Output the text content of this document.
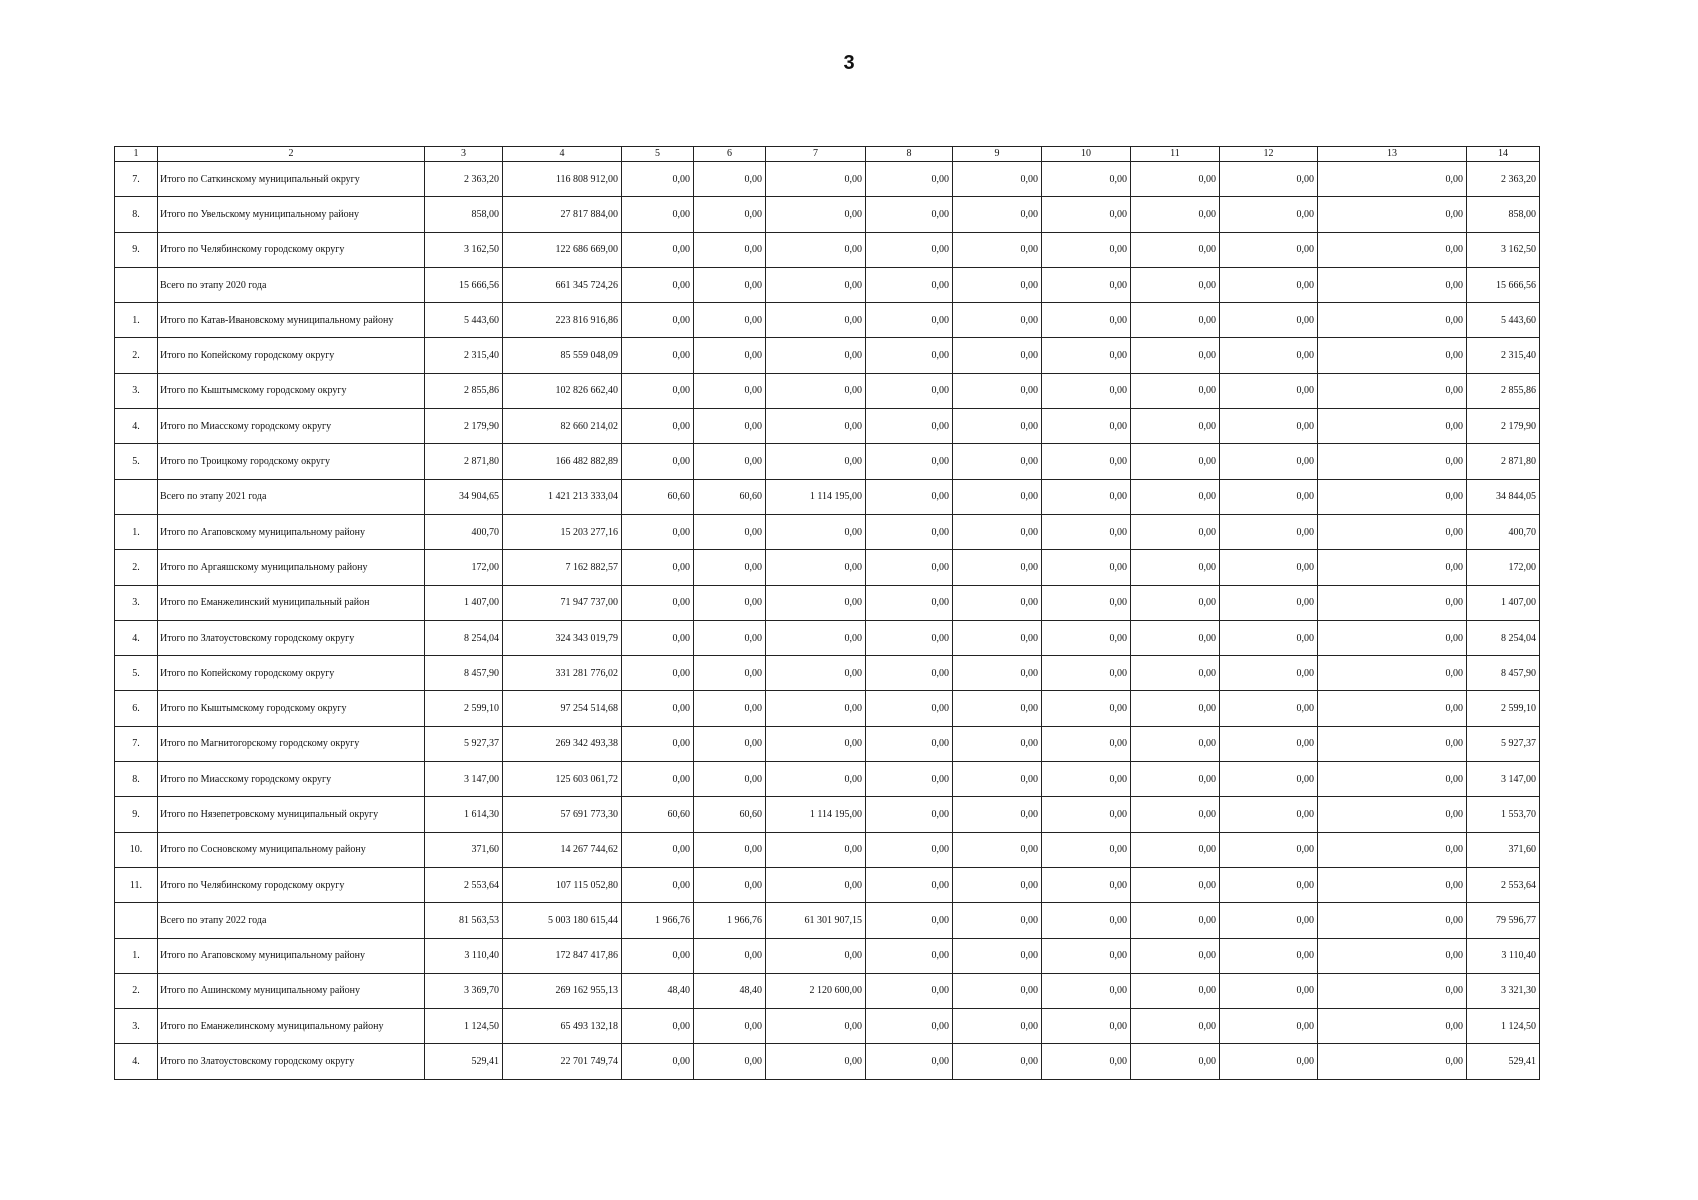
3
1	2	3	4	5	6	7	8	9	10	11	12	13	14
7.	Итого по Саткинскому муниципальный округу	2 363,20	116 808 912,00	0,00	0,00	0,00	0,00	0,00	0,00	0,00	0,00	0,00	2 363,20
8.	Итого по Увельскому муниципальному району	858,00	27 817 884,00	0,00	0,00	0,00	0,00	0,00	0,00	0,00	0,00	0,00	858,00
9.	Итого по Челябинскому городскому округу	3 162,50	122 686 669,00	0,00	0,00	0,00	0,00	0,00	0,00	0,00	0,00	0,00	3 162,50
	Всего по этапу 2020 года	15 666,56	661 345 724,26	0,00	0,00	0,00	0,00	0,00	0,00	0,00	0,00	0,00	15 666,56
1.	Итого по Катав-Ивановскому муниципальному району	5 443,60	223 816 916,86	0,00	0,00	0,00	0,00	0,00	0,00	0,00	0,00	0,00	5 443,60
2.	Итого по Копейскому городскому округу	2 315,40	85 559 048,09	0,00	0,00	0,00	0,00	0,00	0,00	0,00	0,00	0,00	2 315,40
3.	Итого по Кыштымскому городскому округу	2 855,86	102 826 662,40	0,00	0,00	0,00	0,00	0,00	0,00	0,00	0,00	0,00	2 855,86
4.	Итого по Миасскому городскому округу	2 179,90	82 660 214,02	0,00	0,00	0,00	0,00	0,00	0,00	0,00	0,00	0,00	2 179,90
5.	Итого по Троицкому городскому округу	2 871,80	166 482 882,89	0,00	0,00	0,00	0,00	0,00	0,00	0,00	0,00	0,00	2 871,80
	Всего по этапу 2021 года	34 904,65	1 421 213 333,04	60,60	60,60	1 114 195,00	0,00	0,00	0,00	0,00	0,00	0,00	34 844,05
1.	Итого по Агаповскому муниципальному району	400,70	15 203 277,16	0,00	0,00	0,00	0,00	0,00	0,00	0,00	0,00	0,00	400,70
2.	Итого по Аргаяшскому муниципальному району	172,00	7 162 882,57	0,00	0,00	0,00	0,00	0,00	0,00	0,00	0,00	0,00	172,00
3.	Итого по Еманжелинский муниципальный район	1 407,00	71 947 737,00	0,00	0,00	0,00	0,00	0,00	0,00	0,00	0,00	0,00	1 407,00
4.	Итого по Златоустовскому городскому округу	8 254,04	324 343 019,79	0,00	0,00	0,00	0,00	0,00	0,00	0,00	0,00	0,00	8 254,04
5.	Итого по Копейскому городскому округу	8 457,90	331 281 776,02	0,00	0,00	0,00	0,00	0,00	0,00	0,00	0,00	0,00	8 457,90
6.	Итого по Кыштымскому городскому округу	2 599,10	97 254 514,68	0,00	0,00	0,00	0,00	0,00	0,00	0,00	0,00	0,00	2 599,10
7.	Итого по Магнитогорскому городскому округу	5 927,37	269 342 493,38	0,00	0,00	0,00	0,00	0,00	0,00	0,00	0,00	0,00	5 927,37
8.	Итого по Миасскому городскому округу	3 147,00	125 603 061,72	0,00	0,00	0,00	0,00	0,00	0,00	0,00	0,00	0,00	3 147,00
9.	Итого по Нязепетровскому муниципальный округу	1 614,30	57 691 773,30	60,60	60,60	1 114 195,00	0,00	0,00	0,00	0,00	0,00	0,00	1 553,70
10.	Итого по Сосновскому муниципальному району	371,60	14 267 744,62	0,00	0,00	0,00	0,00	0,00	0,00	0,00	0,00	0,00	371,60
11.	Итого по Челябинскому городскому округу	2 553,64	107 115 052,80	0,00	0,00	0,00	0,00	0,00	0,00	0,00	0,00	0,00	2 553,64
	Всего по этапу 2022 года	81 563,53	5 003 180 615,44	1 966,76	1 966,76	61 301 907,15	0,00	0,00	0,00	0,00	0,00	0,00	79 596,77
1.	Итого по Агаповскому муниципальному району	3 110,40	172 847 417,86	0,00	0,00	0,00	0,00	0,00	0,00	0,00	0,00	0,00	3 110,40
2.	Итого по Ашинскому муниципальному району	3 369,70	269 162 955,13	48,40	48,40	2 120 600,00	0,00	0,00	0,00	0,00	0,00	0,00	3 321,30
3.	Итого по Еманжелинскому муниципальному району	1 124,50	65 493 132,18	0,00	0,00	0,00	0,00	0,00	0,00	0,00	0,00	0,00	1 124,50
4.	Итого по Златоустовскому городскому округу	529,41	22 701 749,74	0,00	0,00	0,00	0,00	0,00	0,00	0,00	0,00	0,00	529,41
